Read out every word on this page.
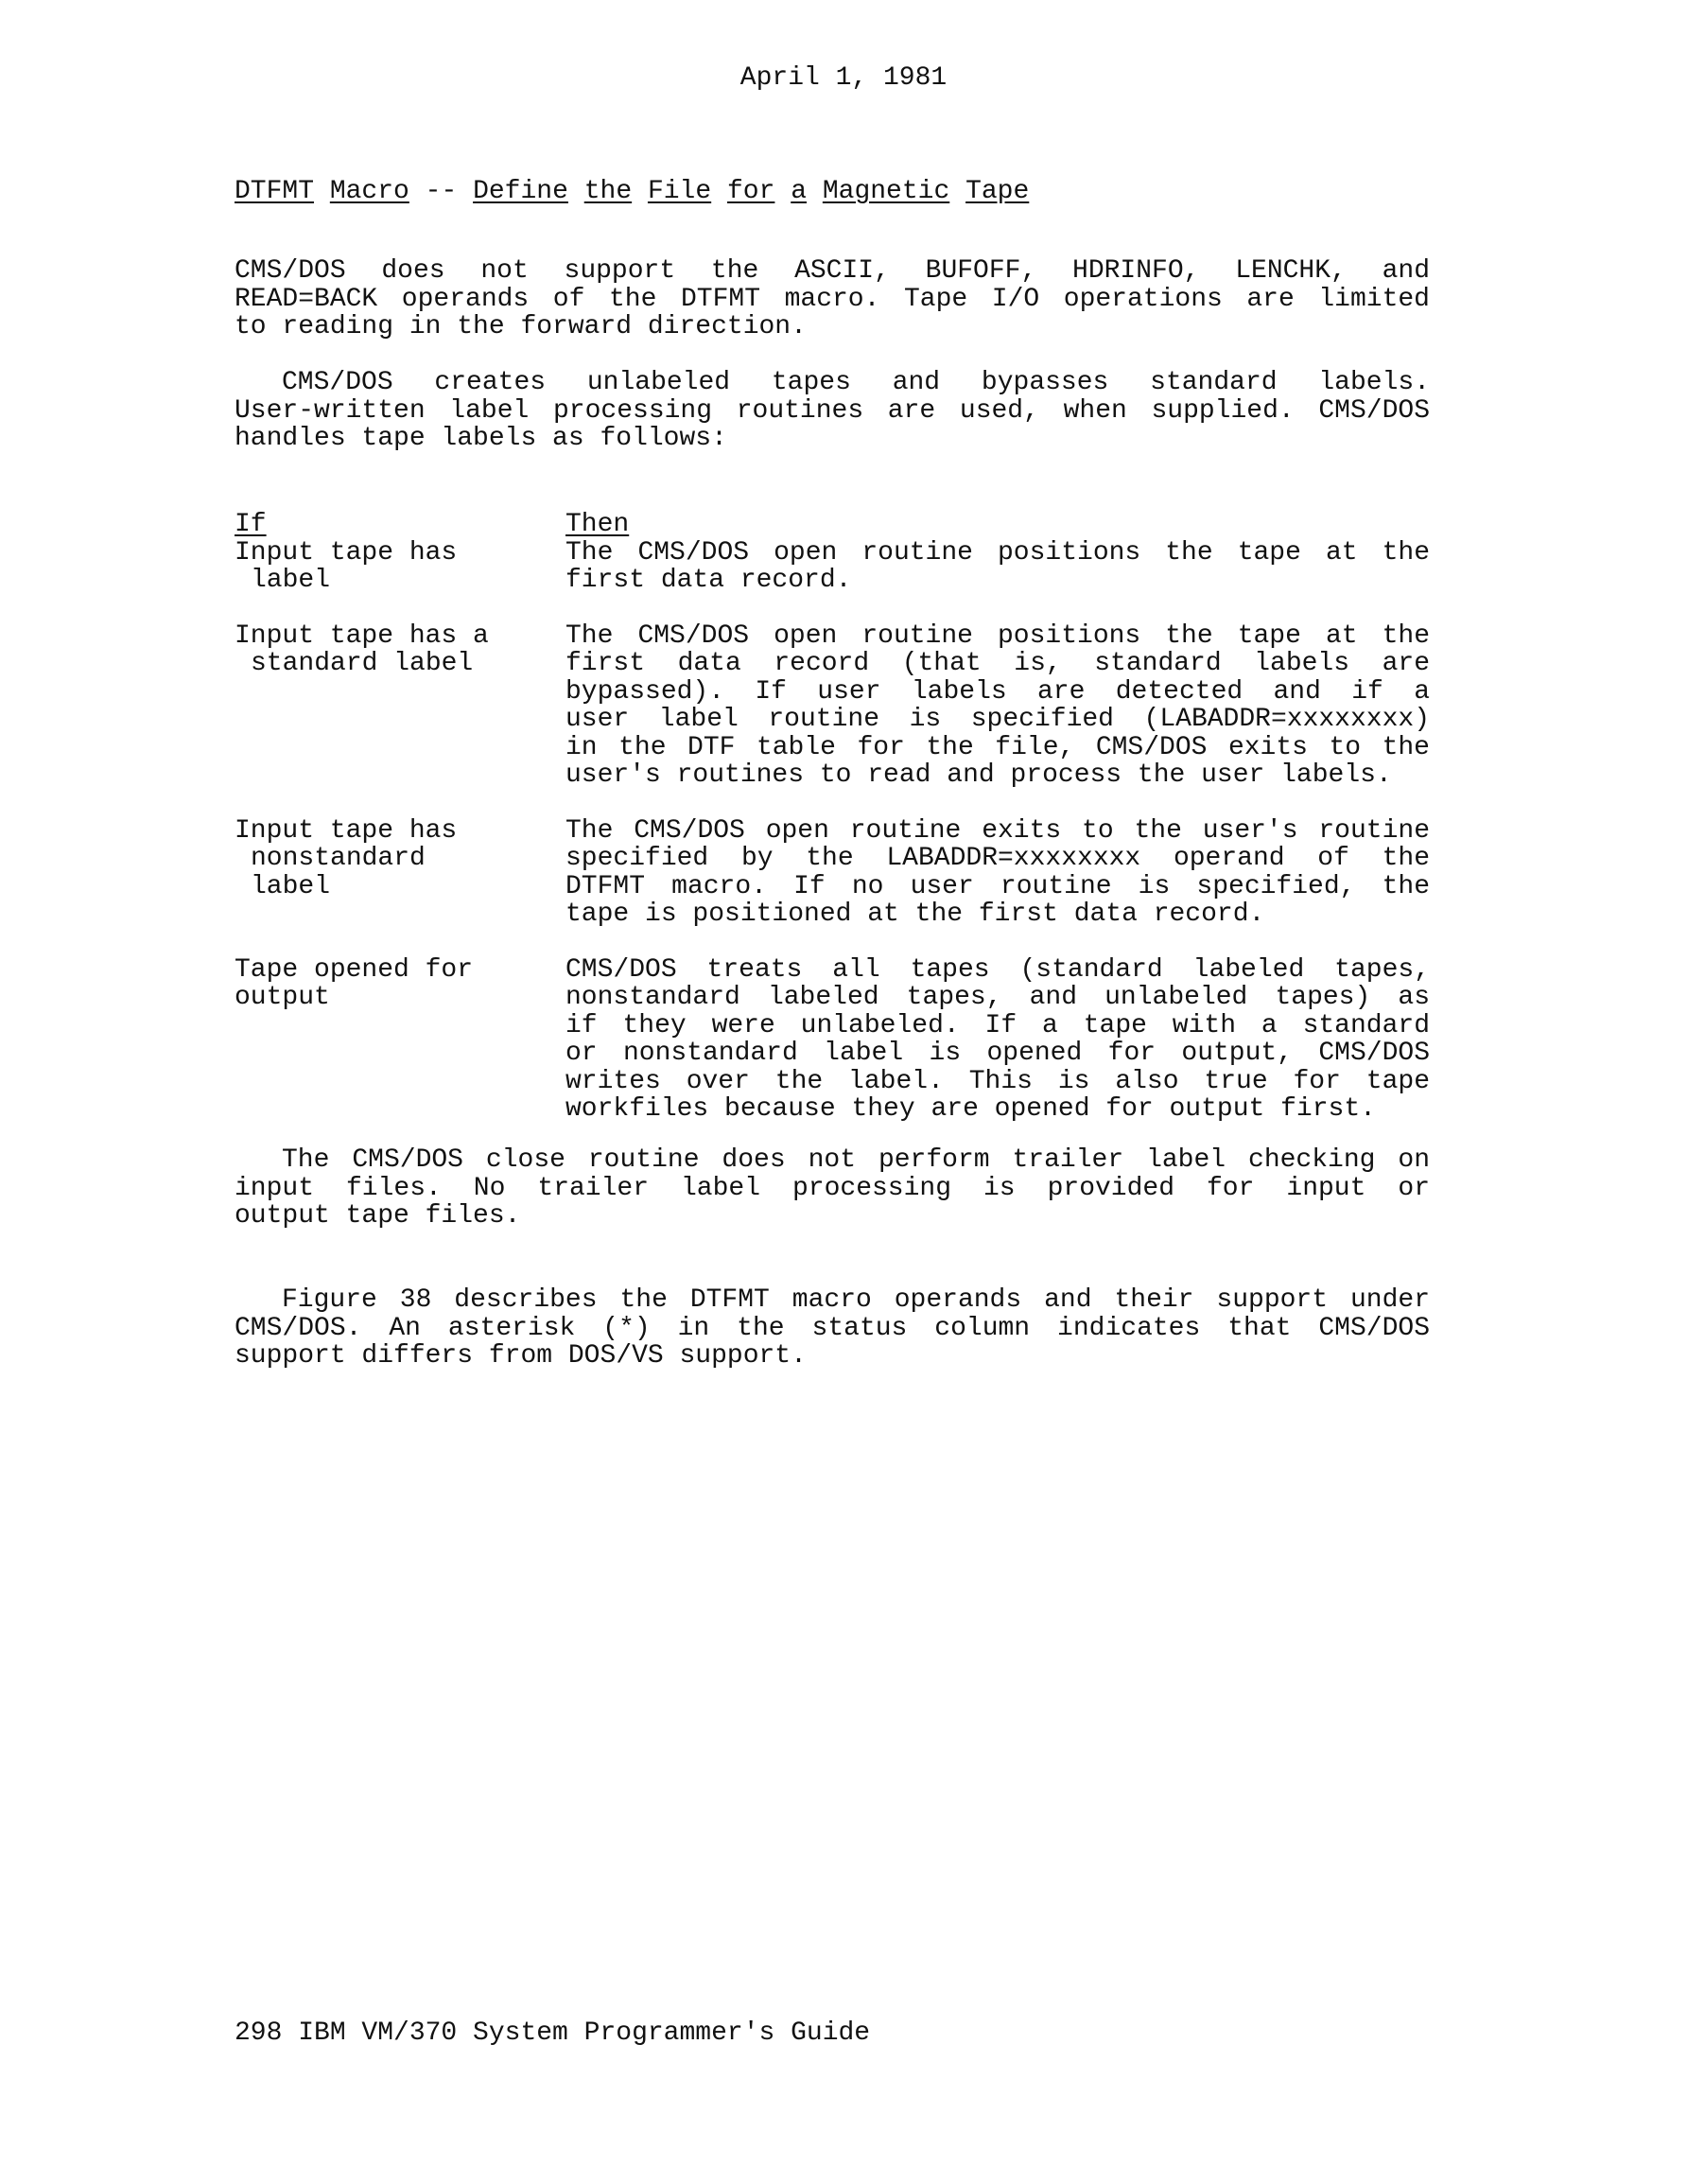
April 1, 1981
DTFMT Macro -- Define the File for a Magnetic Tape
CMS/DOS does not support the ASCII, BUFOFF, HDRINFO, LENCHK, and
READ=BACK operands of the DTFMT macro. Tape I/O operations are limited
to reading in the forward direction.
CMS/DOS creates unlabeled tapes and bypasses standard labels.
User-written label processing routines are used, when supplied. CMS/DOS
handles tape labels as follows:
If	Then
Input tape has
label
The CMS/DOS open routine positions the tape at the
first data record.
Input tape has a
standard label
The CMS/DOS open routine positions the tape at the
first data record (that is, standard labels are
bypassed). If user labels are detected and if a
user label routine is specified (LABADDR=xxxxxxxx)
in the DTF table for the file, CMS/DOS exits to the
user's routines to read and process the user labels.
Input tape has
nonstandard
label
The CMS/DOS open routine exits to the user's routine
specified by the LABADDR=xxxxxxxx operand of the
DTFMT macro. If no user routine is specified, the
tape is positioned at the first data record.
Tape opened for
output
CMS/DOS treats all tapes (standard labeled tapes,
nonstandard labeled tapes, and unlabeled tapes) as
if they were unlabeled. If a tape with a standard
or nonstandard label is opened for output, CMS/DOS
writes over the label. This is also true for tape
workfiles because they are opened for output first.
The CMS/DOS close routine does not perform trailer label checking on
input files. No trailer label processing is provided for input or
output tape files.
Figure 38 describes the DTFMT macro operands and their support under
CMS/DOS. An asterisk (*) in the status column indicates that CMS/DOS
support differs from DOS/VS support.
298 IBM VM/370 System Programmer's Guide
